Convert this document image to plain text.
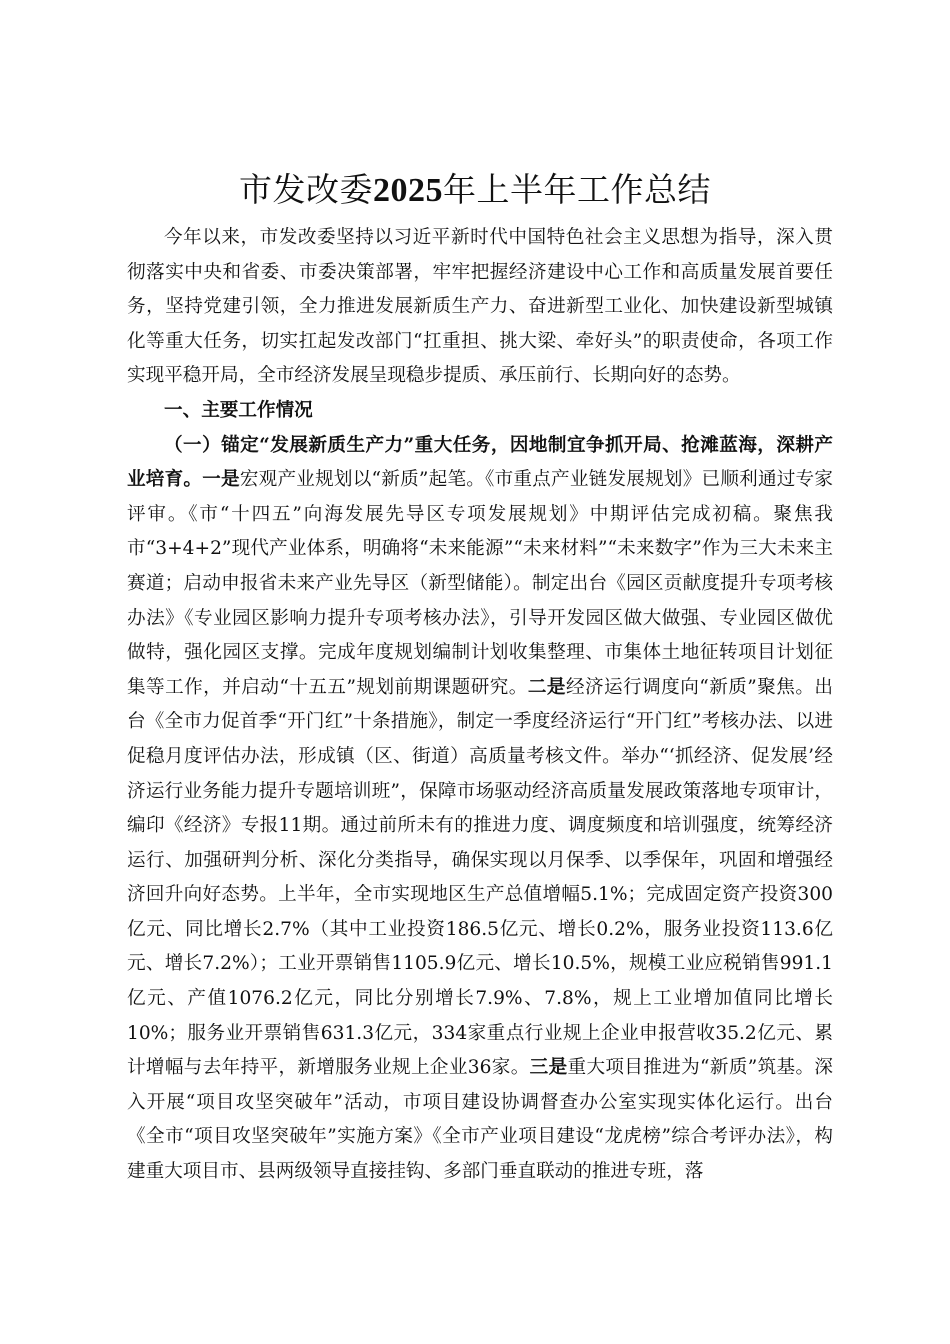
市发改委2025年上半年工作总结

今年以来，市发改委坚持以习近平新时代中国特色社会主义思想为指导，深入贯彻落实中央和省委、市委决策部署，牢牢把握经济建设中心工作和高质量发展首要任务，坚持党建引领，全力推进发展新质生产力、奋进新型工业化、加快建设新型城镇化等重大任务，切实扛起发改部门“扛重担、挑大梁、牵好头”的职责使命，各项工作实现平稳开局，全市经济发展呈现稳步提质、承压前行、长期向好的态势。

一、主要工作情况

（一）锚定“发展新质生产力”重大任务，因地制宜争抓开局、抢滩蓝海，深耕产业培育。一是宏观产业规划以“新质”起笔。《市重点产业链发展规划》已顺利通过专家评审。《市“十四五”向海发展先导区专项发展规划》中期评估完成初稿。聚焦我市“3+4+2”现代产业体系，明确将“未来能源”“未来材料”“未来数字”作为三大未来主赛道；启动申报省未来产业先导区（新型储能）。制定出台《园区贡献度提升专项考核办法》《专业园区影响力提升专项考核办法》，引导开发园区做大做强、专业园区做优做特，强化园区支撑。完成年度规划编制计划收集整理、市集体土地征转项目计划征集等工作，并启动“十五五”规划前期课题研究。二是经济运行调度向“新质”聚焦。出台《全市力促首季“开门红”十条措施》，制定一季度经济运行“开门红”考核办法、以进促稳月度评估办法，形成镇（区、街道）高质量考核文件。举办“‘抓经济、促发展’经济运行业务能力提升专题培训班”，保障市场驱动经济高质量发展政策落地专项审计，编印《经济》专报11期。通过前所未有的推进力度、调度频度和培训强度，统筹经济运行、加强研判分析、深化分类指导，确保实现以月保季、以季保年，巩固和增强经济回升向好态势。上半年，全市实现地区生产总值增幅5.1%；完成固定资产投资300亿元、同比增长2.7%（其中工业投资186.5亿元、增长0.2%，服务业投资113.6亿元、增长7.2%）；工业开票销售1105.9亿元、增长10.5%，规模工业应税销售991.1亿元、产值1076.2亿元，同比分别增长7.9%、7.8%，规上工业增加值同比增长10%；服务业开票销售631.3亿元，334家重点行业规上企业申报营收35.2亿元、累计增幅与去年持平，新增服务业规上企业36家。三是重大项目推进为“新质”筑基。深入开展“项目攻坚突破年”活动，市项目建设协调督查办公室实现实体化运行。出台《全市“项目攻坚突破年”实施方案》《全市产业项目建设“龙虎榜”综合考评办法》，构建重大项目市、县两级领导直接挂钩、多部门垂直联动的推进专班，落
